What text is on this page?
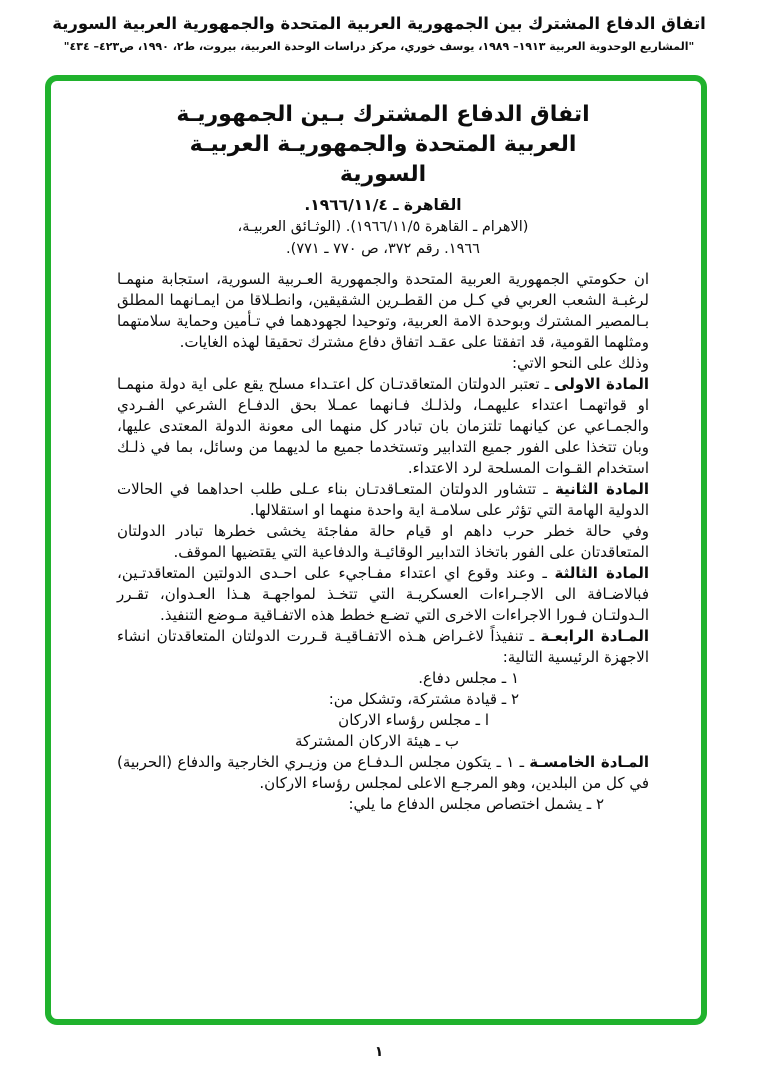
اتفاق الدفاع المشترك بين الجمهورية العربية المتحدة والجمهورية العربية السورية
"المشاريع الوحدوية العربية ١٩١٣– ١٩٨٩، يوسف خوري، مركز دراسات الوحدة العربية، بيروت، ط٢، ١٩٩٠، ص٤٢٣– ٤٣٤"
اتفاق الدفاع المشترك بـين الجمهوريـة
العربية المتحدة والجمهوريـة العربيـة
السورية
القاهرة ـ ١٩٦٦/١١/٤.
(الاهرام ـ القاهرة ١٩٦٦/١١/٥). (الوثـائق العربيـة،
١٩٦٦. رقم ٣٧٢، ص ٧٧٠ ـ ٧٧١).
ان حكومتي الجمهورية العربية المتحدة والجمهورية العـربية السورية، استجابة منهمـا لرغبـة الشعب العربي في كـل من القطـرين الشقيقين، وانطـلاقا من ايمـانهما المطلق بـالمصير المشترك وبوحدة الامة العربية، وتوحيدا لجهودهما في تـأمين وحماية سلامتهما ومثلهما القومية، قد اتفقتا على عقـد اتفاق دفاع مشترك تحقيقا لهذه الغايات.
وذلك على النحو الاتي:
المادة الاولى ـ تعتبر الدولتان المتعاقدتـان كل اعتـداء مسلح يقع على اية دولة منهمـا او قواتهمـا اعتداء عليهمـا، ولذلـك فـانهما عمـلا بحق الدفـاع الشرعي الفـردي والجمـاعي عن كيانهما تلتزمان بان تبادر كل منهما الى معونة الدولة المعتدى عليها، وبان تتخذا على الفور جميع التدابير وتستخدما جميع ما لديهما من وسائل، بما في ذلـك استخدام القـوات المسلحة لرد الاعتداء.
المادة الثانية ـ تتشاور الدولتان المتعـاقدتـان بناء عـلى طلب احداهما في الحالات الدولية الهامة التي تؤثر على سلامـة اية واحدة منهما او استقلالها.
وفي حالة خطر حرب داهم او قيام حالة مفاجئة يخشى خطرها تبادر الدولتان المتعاقدتان على الفور باتخاذ التدابير الوقائيـة والدفاعية التي يقتضيها الموقف.
المادة الثالثة ـ وعند وقوع اي اعتداء مفـاجيء على احـدى الدولتين المتعاقدتـين، فبالاضـافة الى الاجـراءات العسكريـة التي تتخـذ لمواجهـة هـذا العـدوان، تقـرر الـدولتـان فـورا الاجراءات الاخرى التي تضـع خطط هذه الاتفـاقية مـوضع التنفيذ.
المـادة الرابعـة ـ تنفيذاً لاغـراض هـذه الاتفـاقيـة قـررت الدولتان المتعاقدتان انشاء الاجهزة الرئيسية التالية:
١ ـ مجلس دفاع.
٢ ـ قيادة مشتركة، وتشكل من:
ا ـ مجلس رؤساء الاركان
ب ـ هيئة الاركان المشتركة
المـادة الخامسـة ـ ١ ـ يتكون مجلس الـدفـاع من وزيـري الخارجية والدفاع (الحربية) في كل من البلدين، وهو المرجـع الاعلى لمجلس رؤساء الاركان.
٢ ـ يشمل اختصاص مجلس الدفاع ما يلي:
١
